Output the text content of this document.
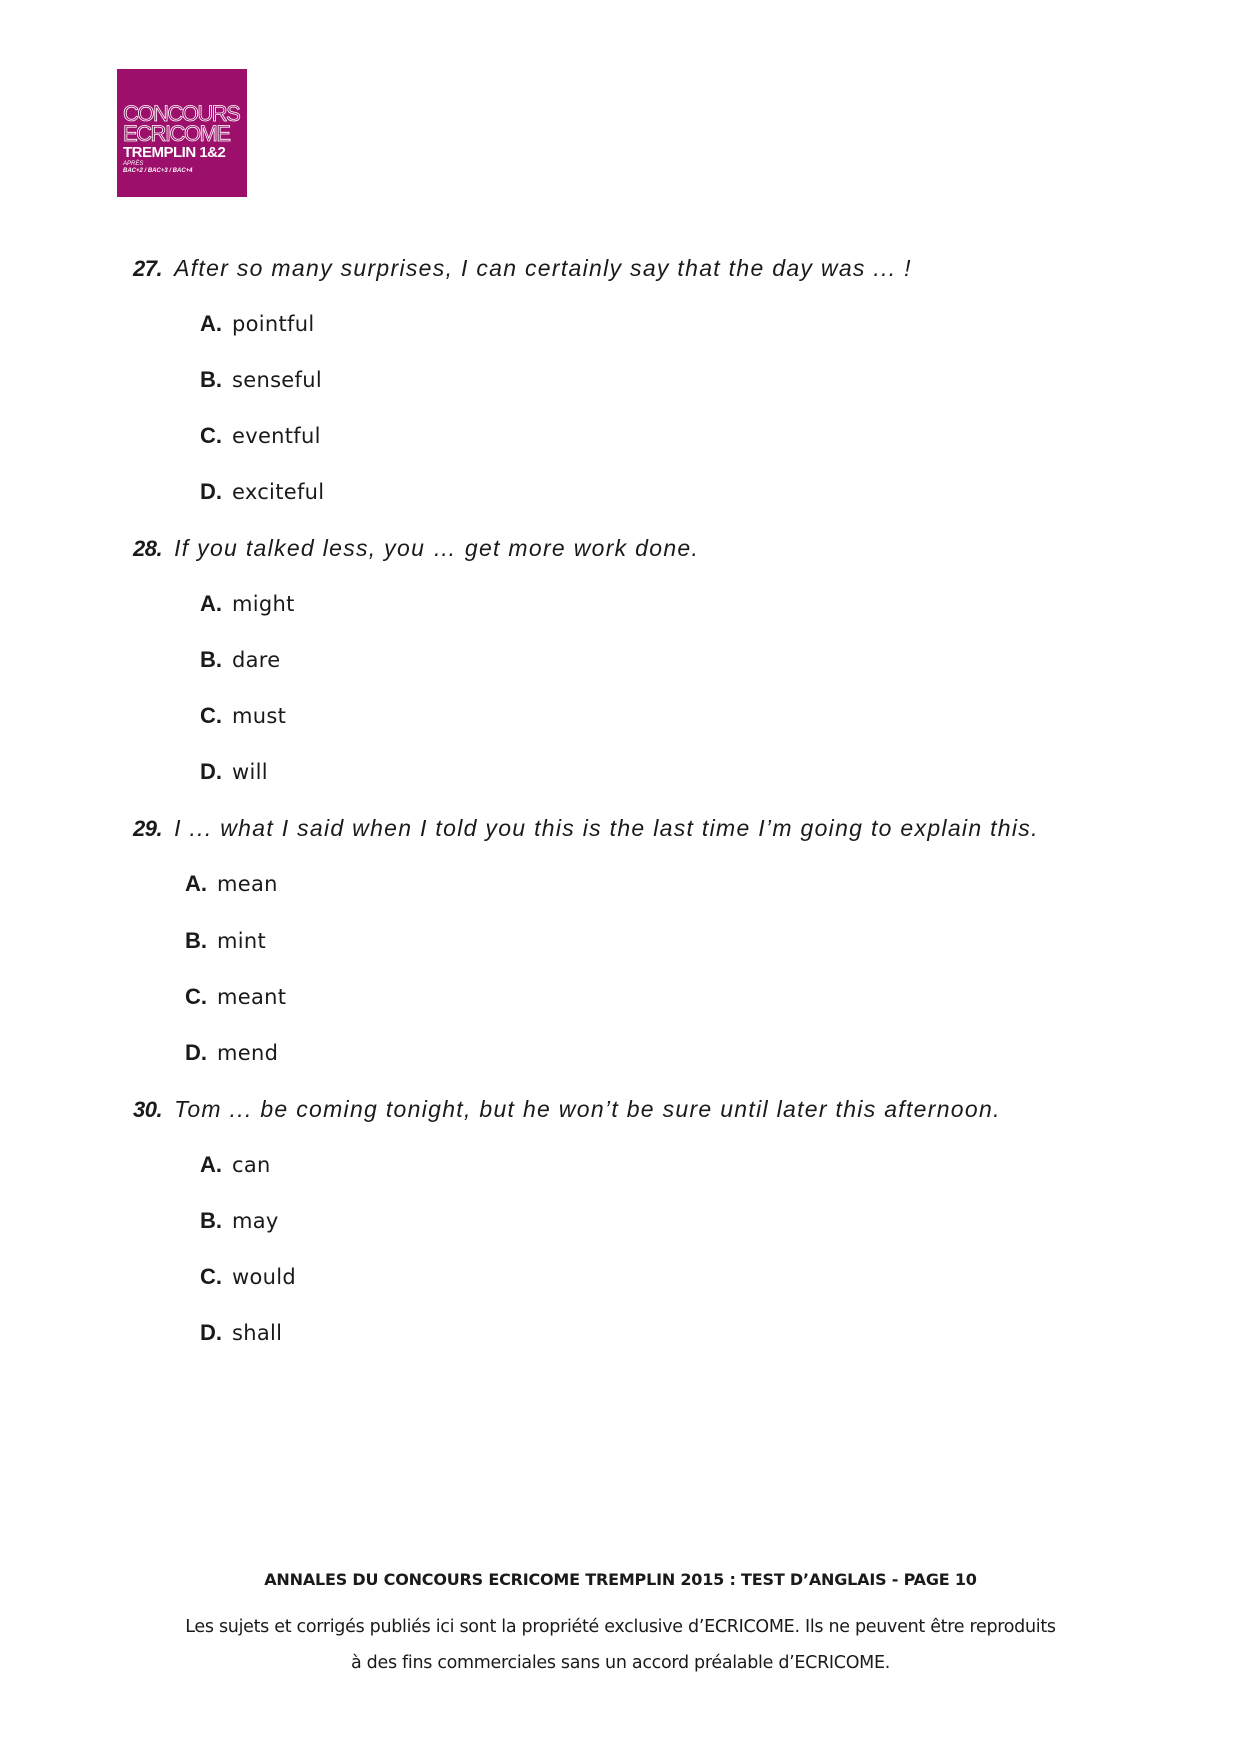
CONCOURS
ECRICOME
TREMPLIN 1&2
APRÈS
BAC+2 / BAC+3 / BAC+4
27. After so many surprises, I can certainly say that the day was ... !
A. pointful
B. senseful
C. eventful
D. exciteful
28. If you talked less, you … get more work done.
A. might
B. dare
C. must
D. will
29. I ... what I said when I told you this is the last time I’m going to explain this.
A. mean
B. mint
C. meant
D. mend
30. Tom ... be coming tonight, but he won’t be sure until later this afternoon.
A. can
B. may
C. would
D. shall
ANNALES DU CONCOURS ECRICOME TREMPLIN 2015 : TEST D’ANGLAIS - PAGE 10
Les sujets et corrigés publiés ici sont la propriété exclusive d’ECRICOME. Ils ne peuvent être reproduits
à des fins commerciales sans un accord préalable d’ECRICOME.
